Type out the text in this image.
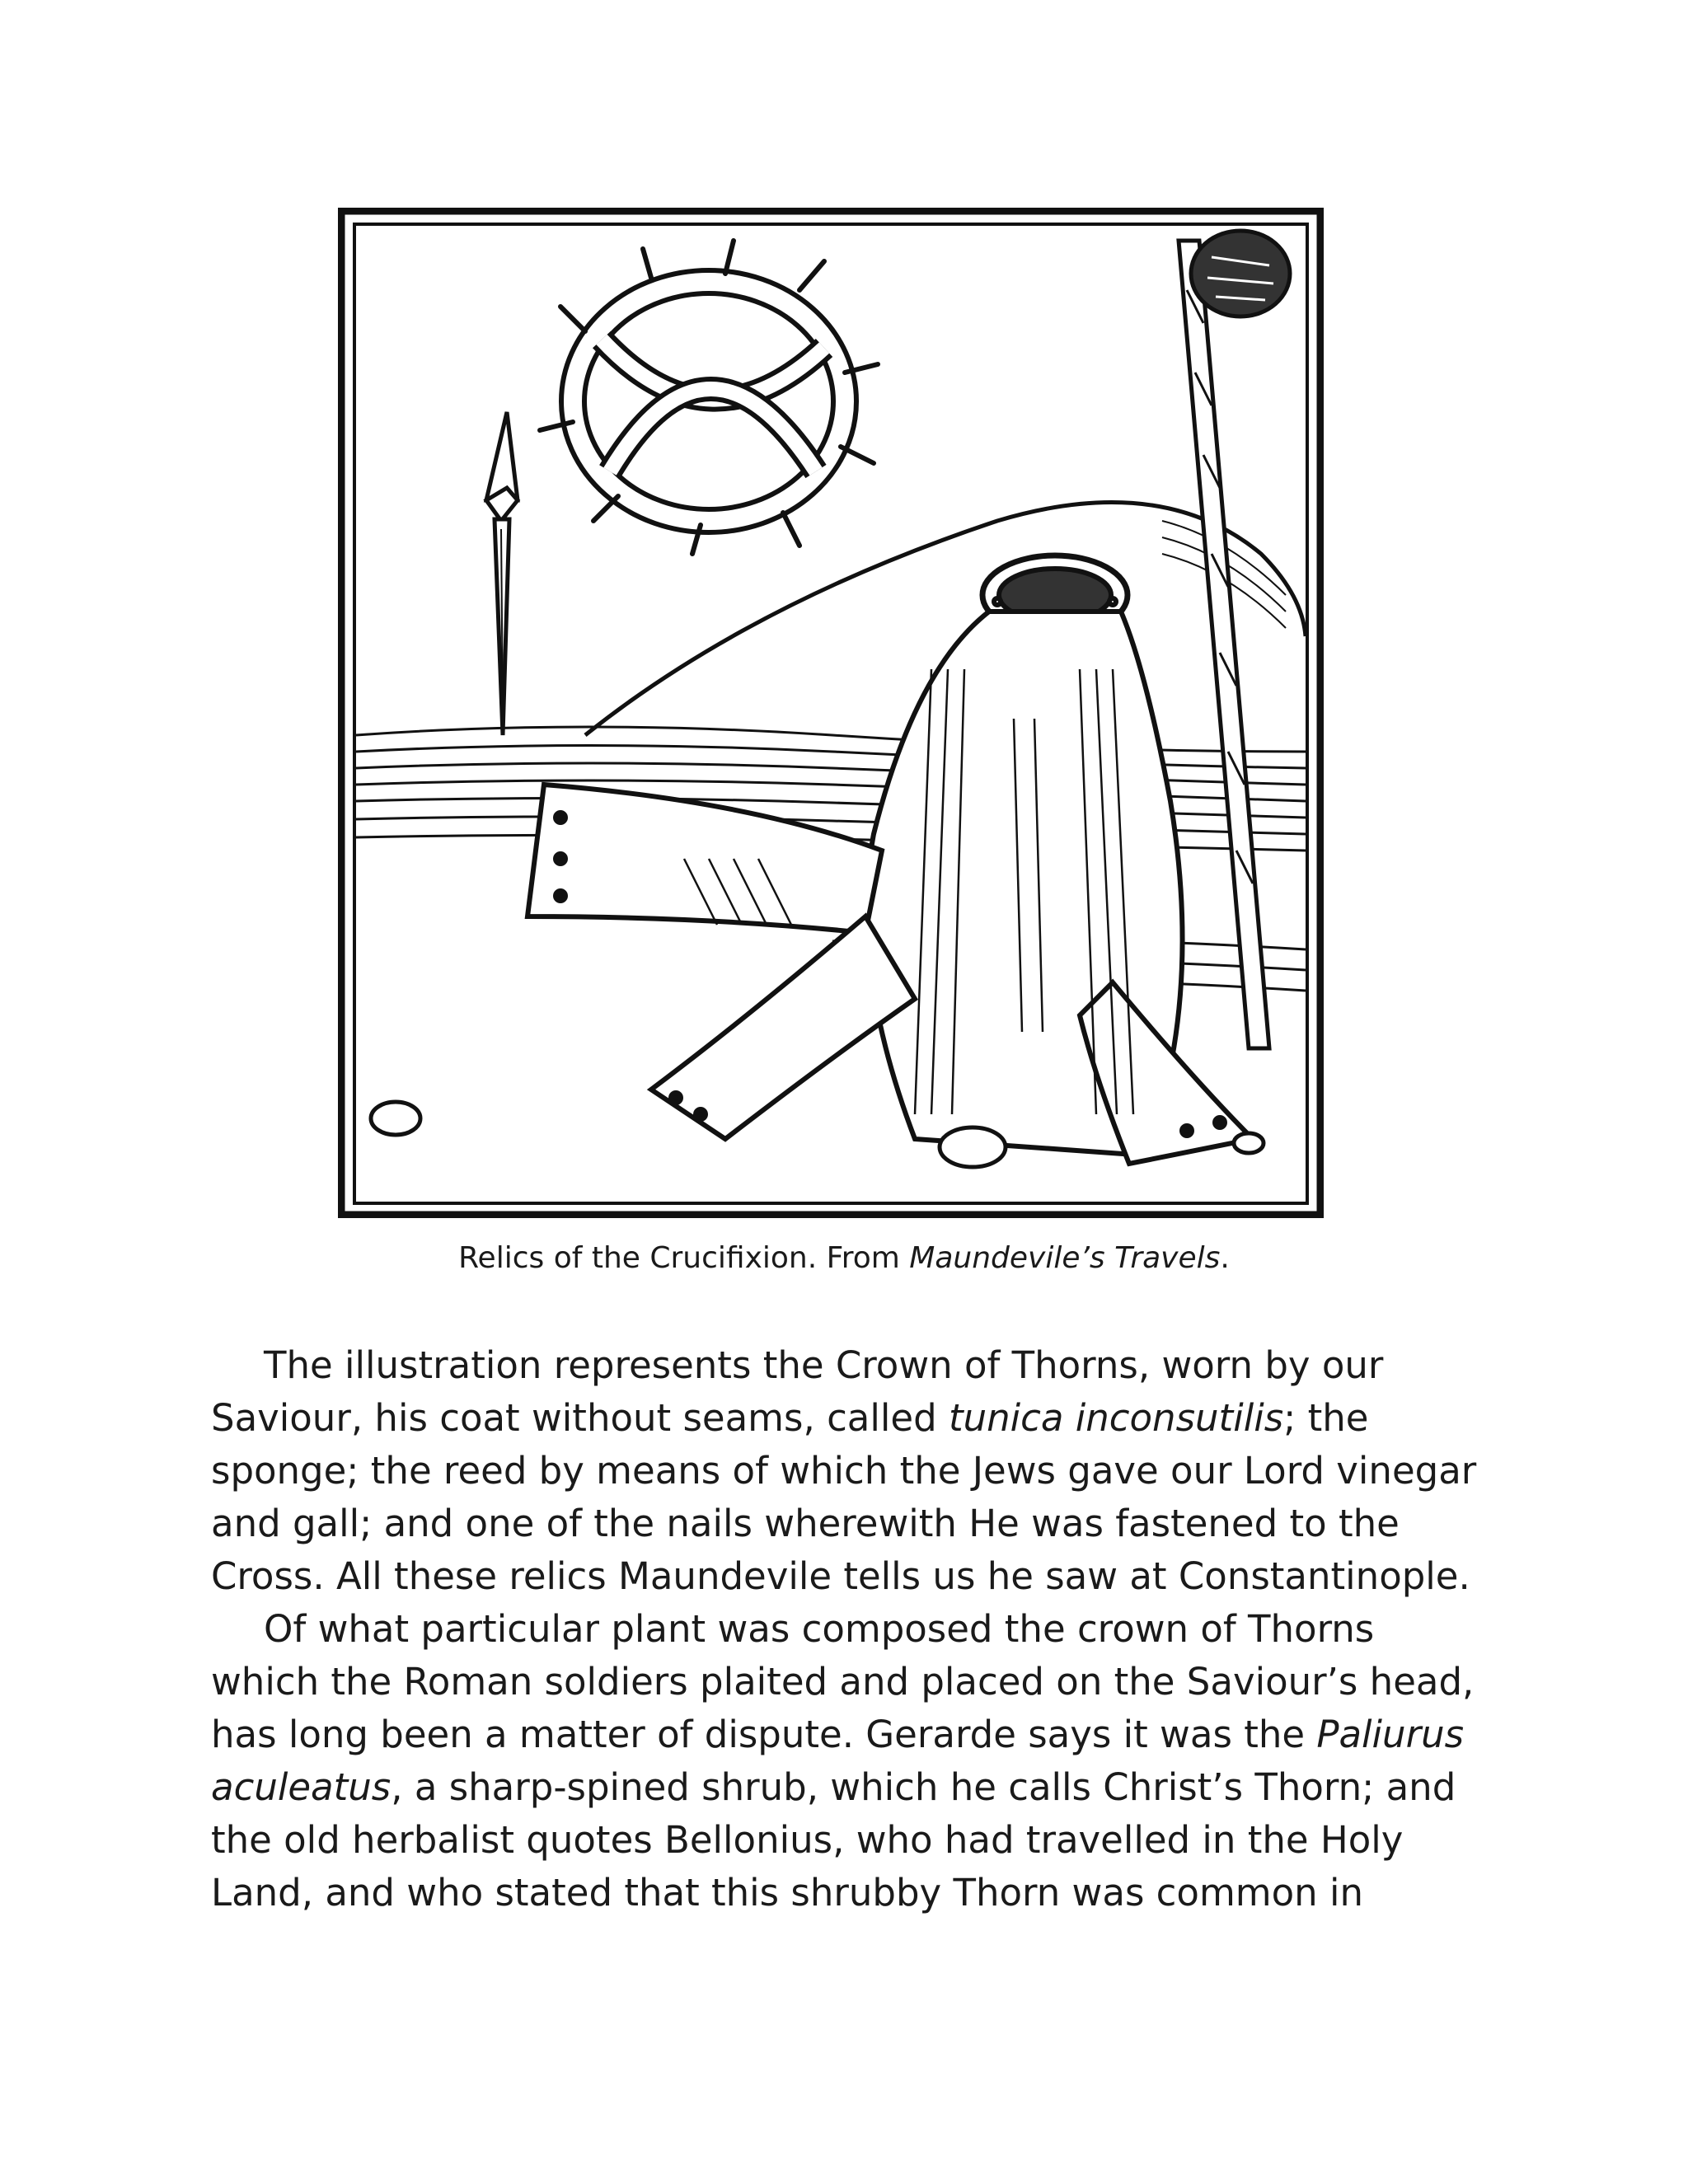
Relics of the Crucifixion. From Maundevile’s Travels.

The illustration represents the Crown of Thorns, worn by our
Saviour, his coat without seams, called tunica inconsutilis; the
sponge; the reed by means of which the Jews gave our Lord vinegar
and gall; and one of the nails wherewith He was fastened to the
Cross. All these relics Maundevile tells us he saw at Constantinople.

Of what particular plant was composed the crown of Thorns
which the Roman soldiers plaited and placed on the Saviour’s head,
has long been a matter of dispute. Gerarde says it was the Paliurus
aculeatus, a sharp-spined shrub, which he calls Christ’s Thorn; and
the old herbalist quotes Bellonius, who had travelled in the Holy
Land, and who stated that this shrubby Thorn was common in
